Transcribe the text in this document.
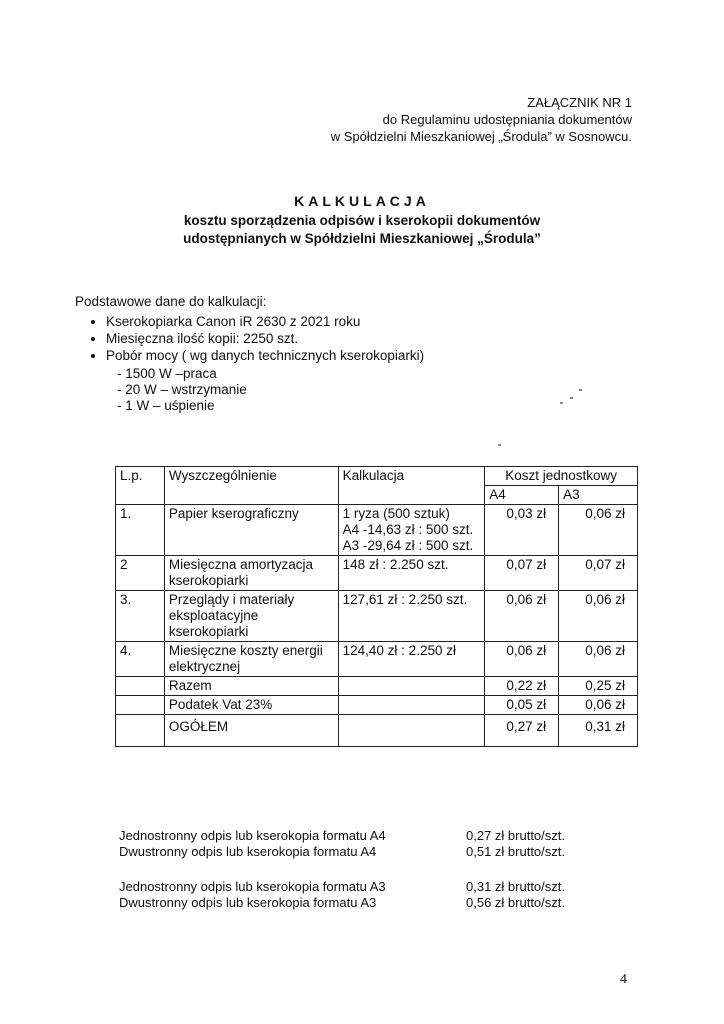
ZAŁĄCZNIK NR 1
do Regulaminu udostępniania dokumentów
w Spółdzielni Mieszkaniowej „Środula” w Sosnowcu.
KALKULACJA
kosztu sporządzenia odpisów i kserokopii dokumentów
udostępnianych w Spółdzielni Mieszkaniowej „Środula”
Podstawowe dane do kalkulacji:
• Kserokopiarka Canon iR 2630 z 2021 roku
• Miesięczna ilość kopii: 2250 szt.
• Pobór mocy ( wg danych technicznych kserokopiarki)
- 1500 W –praca
- 20 W – wstrzymanie
- 1 W – uśpienie
L.p.	Wyszczególnienie	Kalkulacja	Koszt jednostkowy	
			A4	A3
1.	Papier kserograficzny	1 ryza (500 sztuk)
A4 -14,63 zł : 500 szt.
A3 -29,64 zł : 500 szt.	0,03 zł	0,06 zł
2	Miesięczna amortyzacja kserokopiarki	148 zł : 2.250 szt.	0,07 zł	0,07 zł
3.	Przeglądy i materiały eksploatacyjne kserokopiarki	127,61 zł : 2.250 szt.	0,06 zł	0,06 zł
4.	Miesięczne koszty energii elektrycznej	124,40 zł : 2.250 zł	0,06 zł	0,06 zł
	Razem		0,22 zł	0,25 zł
	Podatek Vat 23%		0,05 zł	0,06 zł
	OGÓŁEM		0,27 zł	0,31 zł
Jednostronny odpis lub kserokopia formatu A4	0,27 zł brutto/szt.
Dwustronny odpis lub kserokopia formatu A4	0,51 zł brutto/szt.
Jednostronny odpis lub kserokopia formatu A3	0,31 zł brutto/szt.
Dwustronny odpis lub kserokopia formatu A3	0,56 zł brutto/szt.
4
